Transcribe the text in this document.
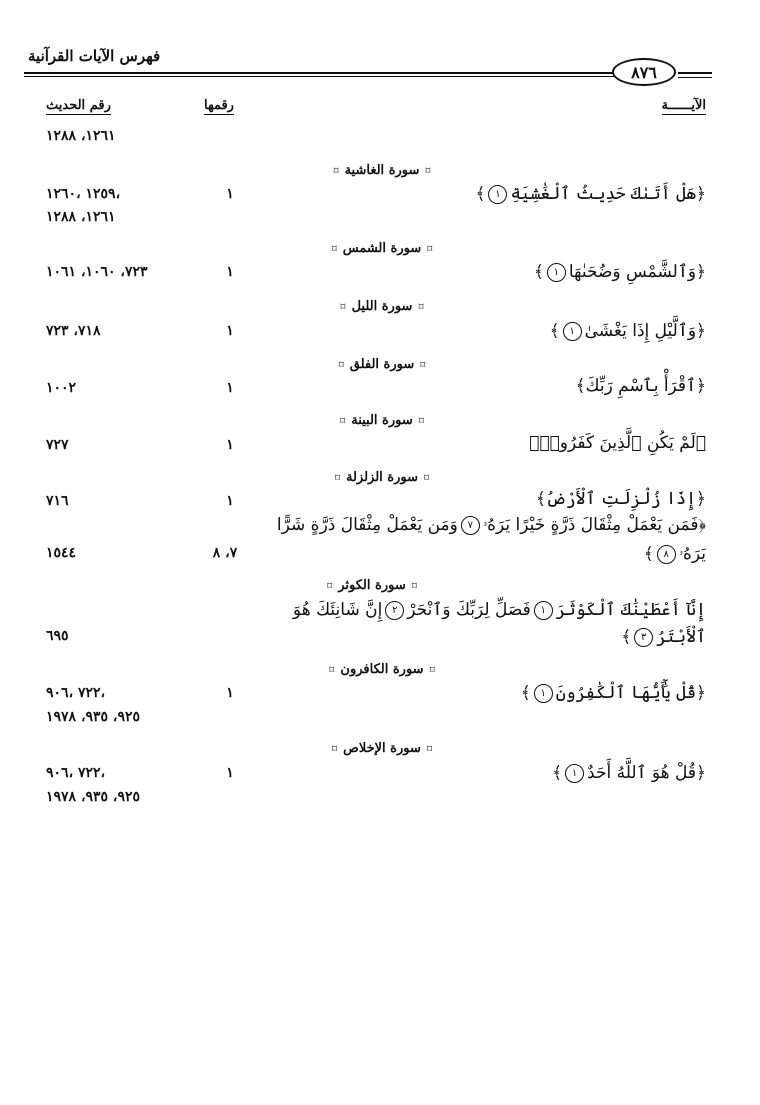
فهرس الآيات القرآنية
٨٧٦
الآيــــــة
رقمها
رقم الحديث
١٢٦١، ١٢٨٨
⌑سورة الغاشية⌑
﴿هَلْ أَتَىٰكَ حَدِيثُ ٱلْغَٰشِيَةِ١﴾
١
،١٢٥٩ ،١٢٦٠
١٢٦١، ١٢٨٨
⌑سورة الشمس⌑
﴿وَٱلشَّمْسِ وَضُحَىٰهَا١﴾
١
٧٢٣، ١٠٦٠، ١٠٦١
⌑سورة الليل⌑
﴿وَٱلَّيْلِ إِذَا يَغْشَىٰ١﴾
١
٧١٨، ٧٢٣
⌑سورة الفلق⌑
﴿ٱقْرَأْ بِٱسْمِ رَبِّكَ﴾
١
١٠٠٢
⌑سورة البينة⌑
﴿لَمْ يَكُنِ ٱلَّذِينَ كَفَرُوا۟﴾
١
٧٢٧
⌑سورة الزلزلة⌑
﴿إِذَا زُلْزِلَتِ ٱلْأَرْضُ﴾
١
٧١٦
﴿فَمَن يَعْمَلْ مِثْقَالَ ذَرَّةٍ خَيْرًا يَرَهُۥ٧وَمَن يَعْمَلْ مِثْقَالَ ذَرَّةٍ شَرًّا
يَرَهُۥ٨﴾
٧، ٨
١٥٤٤
⌑سورة الكوثر⌑
إِنَّآ أَعْطَيْنَٰكَ ٱلْكَوْثَرَ١فَصَلِّ لِرَبِّكَ وَٱنْحَرْ٢إِنَّ شَانِئَكَ هُوَ
ٱلْأَبْتَرُ٣﴾
٦٩٥
⌑سورة الكافرون⌑
﴿قُلْ يَٰٓأَيُّهَا ٱلْكَٰفِرُونَ١﴾
١
،٧٢٢ ،٩٠٦
٩٢٥، ٩٣٥، ١٩٧٨
⌑سورة الإخلاص⌑
﴿قُلْ هُوَ ٱللَّهُ أَحَدٌ١﴾
١
،٧٢٢ ،٩٠٦
٩٢٥، ٩٣٥، ١٩٧٨
